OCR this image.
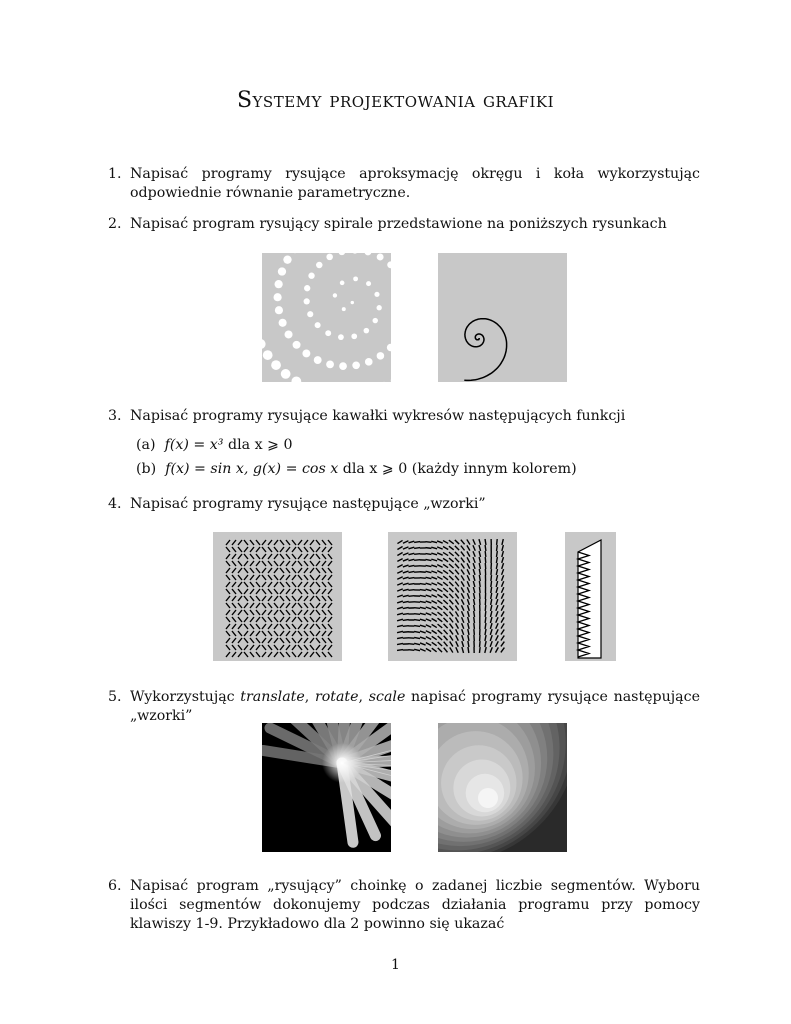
Systemy projektowania grafiki
1. Napisać programy rysujące aproksymację okręgu i koła wykorzystując odpowiednie równanie parametryczne.
2. Napisać program rysujący spirale przedstawione na poniższych rysunkach
3. Napisać programy rysujące kawałki wykresów następujących funkcji
(a) f(x) = x³ dla x ⩾ 0
(b) f(x) = sin x, g(x) = cos x dla x ⩾ 0 (każdy innym kolorem)
4. Napisać programy rysujące następujące „wzorki”
5. Wykorzystując translate, rotate, scale napisać programy rysujące następujące „wzorki”
6. Napisać program „rysujący” choinkę o zadanej liczbie segmentów. Wyboru ilości segmentów dokonujemy podczas działania programu przy pomocy klawiszy 1-9. Przykładowo dla 2 powinno się ukazać
1
